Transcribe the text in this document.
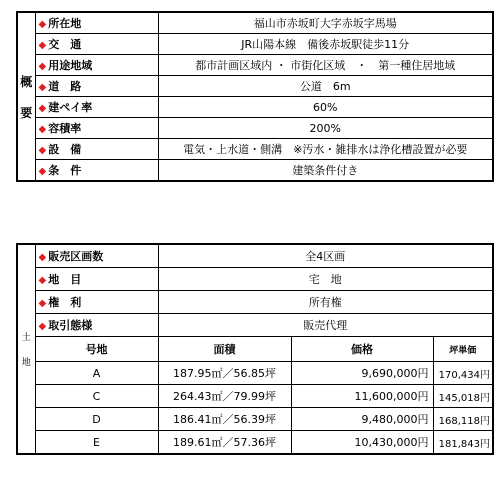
概
要	◆ 所在地	福山市赤坂町大字赤坂字馬場
	◆ 交　通	JR山陽本線　備後赤坂駅徒歩11分
	◆ 用途地域	都市計画区域内 ・ 市街化区域　・　第一種住居地域
	◆ 道　路	公道　6m
	◆ 建ペイ率	60%
	◆ 容積率	200%
	◆ 設　備	電気・上水道・側溝　※汚水・雑排水は浄化槽設置が必要
	◆ 条　件	建築条件付き
土
地	◆ 販売区画数	全4区画		
	◆ 地　目	宅　地		
	◆ 権　利	所有権		
	◆ 取引態様	販売代理		
	号地	面積	価格	坪単価
	A	187.95㎡／56.85坪	9,690,000円	170,434円
	C	264.43㎡／79.99坪	11,600,000円	145,018円
	D	186.41㎡／56.39坪	9,480,000円	168,118円
	E	189.61㎡／57.36坪	10,430,000円	181,843円
